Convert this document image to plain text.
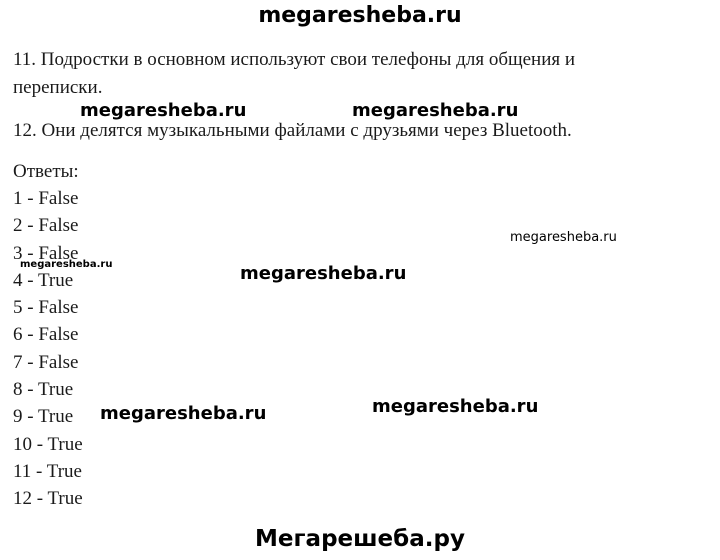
megaresheba.ru
11. Подростки в основном используют свои телефоны для общения и
переписки.
12. Они делятся музыкальными файлами с друзьями через Bluetooth.
Ответы:
1 - False
2 - False
3 - False
4 - True
5 - False
6 - False
7 - False
8 - True
9 - True
10 - True
11 - True
12 - True
megaresheba.ru	megaresheba.ru
megaresheba.ru
megaresheba.ru	megaresheba.ru
megaresheba.ru	megaresheba.ru
Мегарешеба.ру
